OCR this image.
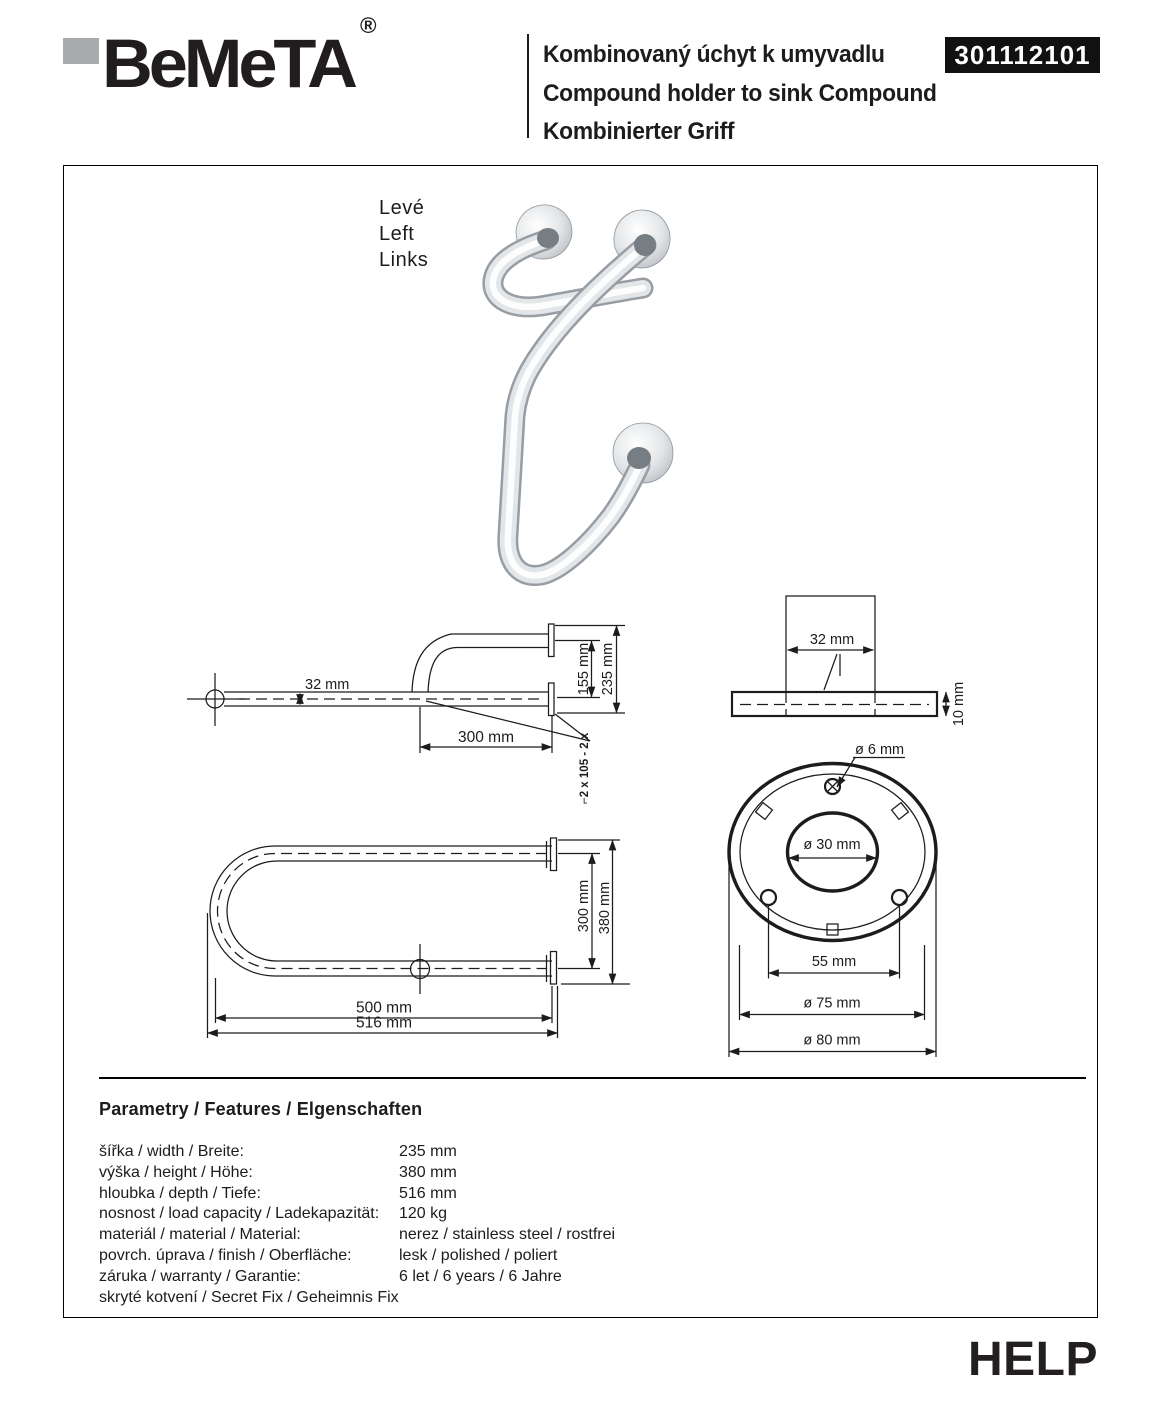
BeMeTA ®
Kombinovaný úchyt k umyvadlu
Compound holder to sink Compound
Kombinierter Griff
301112101
Levé
Left
Links
32 mm	155 mm 235 mm
300 mm	⌐2 x 105 - 2 x
32 mm
10 mm
ø 30 mm
ø 6 mm
55 mm
ø 75 mm
ø 80 mm
300 mm 380 mm
500 mm
516 mm
Parametry / Features / Elgenschaften
šířka / width / Breite:	235 mm
výška / height / Höhe:	380 mm
hloubka / depth / Tiefe:	516 mm
nosnost / load capacity / Ladekapazität:	120 kg
materiál / material / Material:	nerez / stainless steel / rostfrei
povrch. úprava / finish / Oberfläche:	lesk / polished / poliert
záruka / warranty / Garantie:	6 let / 6 years / 6 Jahre
skryté kotvení / Secret Fix / Geheimnis Fix
HELP
